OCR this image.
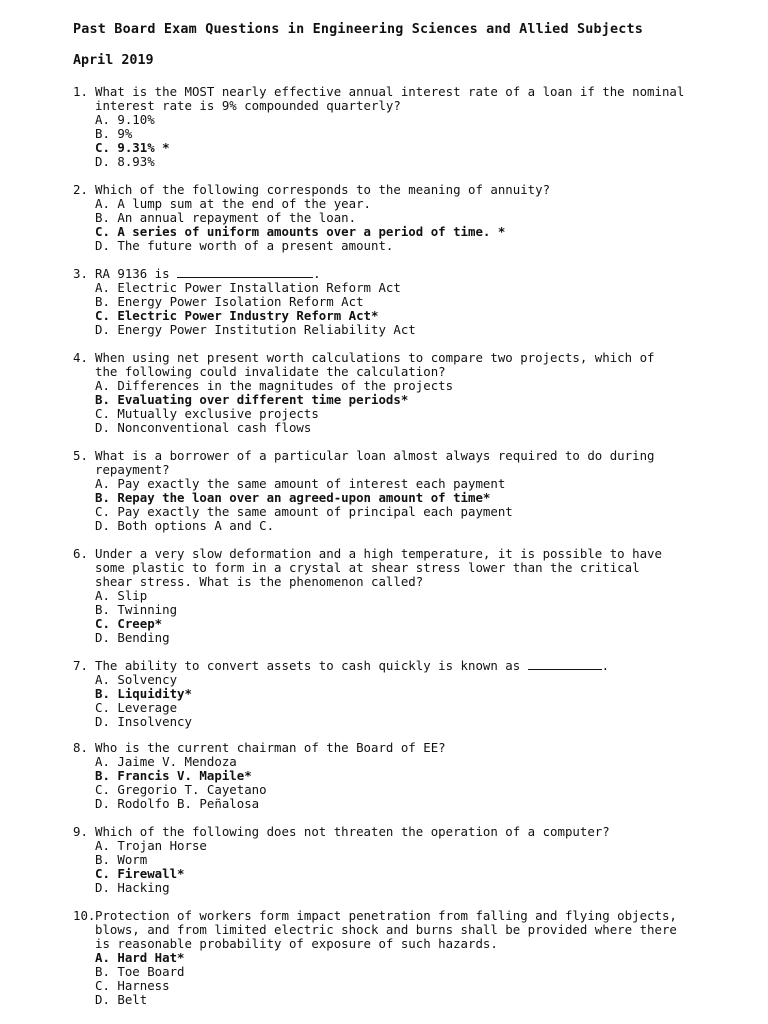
Past Board Exam Questions in Engineering Sciences and Allied Subjects
April 2019
1. What is the MOST nearly effective annual interest rate of a loan if the nominal
interest rate is 9% compounded quarterly?
A. 9.10%
B. 9%
C. 9.31% *
D. 8.93%
2. Which of the following corresponds to the meaning of annuity?
A. A lump sum at the end of the year.
B. An annual repayment of the loan.
C. A series of uniform amounts over a period of time. *
D. The future worth of a present amount.
3. RA 9136 is	.
A. Electric Power Installation Reform Act
B. Energy Power Isolation Reform Act
C. Electric Power Industry Reform Act*
D. Energy Power Institution Reliability Act
4. When using net present worth calculations to compare two projects, which of
the following could invalidate the calculation?
A. Differences in the magnitudes of the projects
B. Evaluating over different time periods*
C. Mutually exclusive projects
D. Nonconventional cash flows
5. What is a borrower of a particular loan almost always required to do during
repayment?
A. Pay exactly the same amount of interest each payment
B. Repay the loan over an agreed-upon amount of time*
C. Pay exactly the same amount of principal each payment
D. Both options A and C.
6. Under a very slow deformation and a high temperature, it is possible to have
some plastic to form in a crystal at shear stress lower than the critical
shear stress. What is the phenomenon called?
A. Slip
B. Twinning
C. Creep*
D. Bending
7. The ability to convert assets to cash quickly is known as	.
A. Solvency
B. Liquidity*
C. Leverage
D. Insolvency
8. Who is the current chairman of the Board of EE?
A. Jaime V. Mendoza
B. Francis V. Mapile*
C. Gregorio T. Cayetano
D. Rodolfo B. Peñalosa
9. Which of the following does not threaten the operation of a computer?
A. Trojan Horse
B. Worm
C. Firewall*
D. Hacking
10.Protection of workers form impact penetration from falling and flying objects,
blows, and from limited electric shock and burns shall be provided where there
is reasonable probability of exposure of such hazards.
A. Hard Hat*
B. Toe Board
C. Harness
D. Belt
